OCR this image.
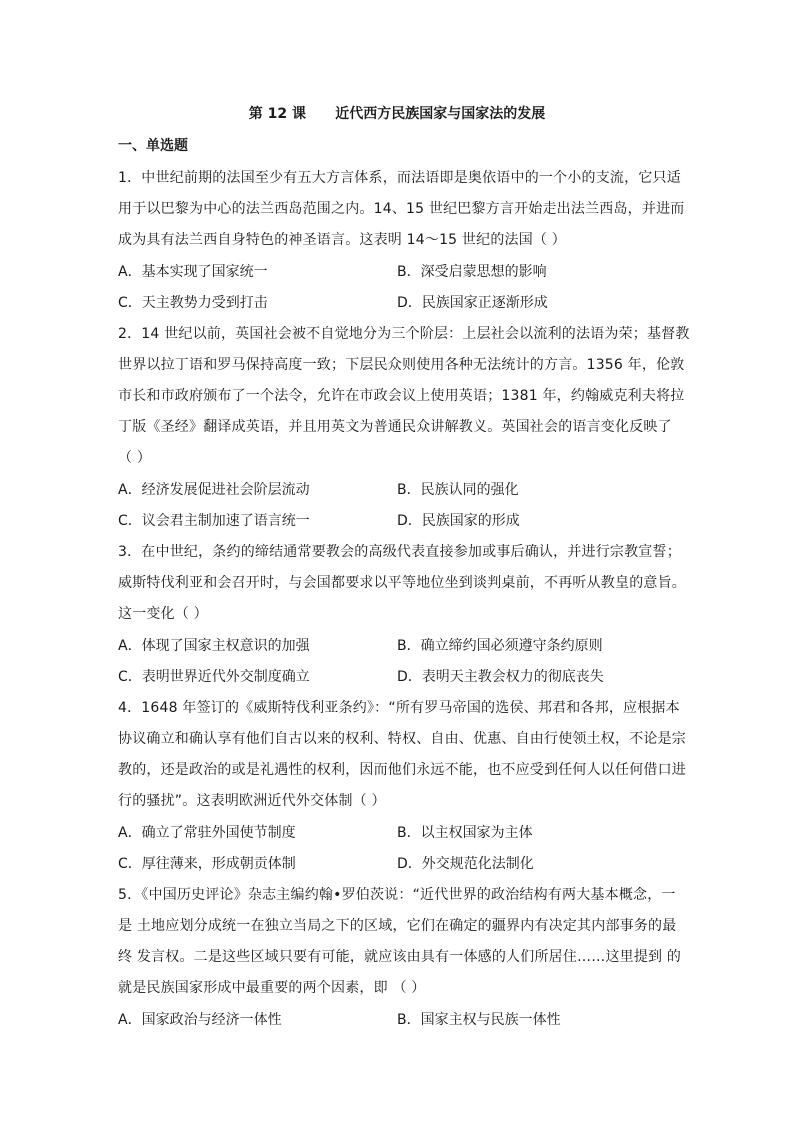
第 12 课      近代西方民族国家与国家法的发展
一、单选题
1．中世纪前期的法国至少有五大方言体系，而法语即是奥依语中的一个小的支流，它只适
用于以巴黎为中心的法兰西岛范围之内。14、15 世纪巴黎方言开始走出法兰西岛，并进而
成为具有法兰西自身特色的神圣语言。这表明 14～15 世纪的法国（ ）
A．基本实现了国家统一	B．深受启蒙思想的影响
C．天主教势力受到打击	D．民族国家正逐渐形成
2．14 世纪以前，英国社会被不自觉地分为三个阶层：上层社会以流利的法语为荣；基督教
世界以拉丁语和罗马保持高度一致；下层民众则使用各种无法统计的方言。1356 年，伦敦
市长和市政府颁布了一个法令，允许在市政会议上使用英语；1381 年，约翰威克利夫将拉
丁版《圣经》翻译成英语，并且用英文为普通民众讲解教义。英国社会的语言变化反映了
（ ）
A．经济发展促进社会阶层流动	B．民族认同的强化
C．议会君主制加速了语言统一	D．民族国家的形成
3．在中世纪，条约的缔结通常要教会的高级代表直接参加或事后确认，并进行宗教宣誓；
威斯特伐利亚和会召开时，与会国都要求以平等地位坐到谈判桌前，不再听从教皇的意旨。
这一变化（ ）
A．体现了国家主权意识的加强	B．确立缔约国必须遵守条约原则
C．表明世界近代外交制度确立	D．表明天主教会权力的彻底丧失
4．1648 年签订的《威斯特伐利亚条约》：“所有罗马帝国的选侯、邦君和各邦，应根据本
协议确立和确认享有他们自古以来的权利、特权、自由、优惠、自由行使领土权，不论是宗
教的，还是政治的或是礼遇性的权利，因而他们永远不能，也不应受到任何人以任何借口进
行的骚扰”。这表明欧洲近代外交体制（ ）
A．确立了常驻外国使节制度	B．以主权国家为主体
C．厚往薄来，形成朝贡体制	D．外交规范化法制化
5．《中国历史评论》杂志主编约翰•罗伯茨说：“近代世界的政治结构有两大基本概念，一
是 土地应划分成统一在独立当局之下的区域，它们在确定的疆界内有决定其内部事务的最
终 发言权。二是这些区域只要有可能，就应该由具有一体感的人们所居住……这里提到 的
就是民族国家形成中最重要的两个因素，即 （ ）
A．国家政治与经济一体性	B．国家主权与民族一体性
